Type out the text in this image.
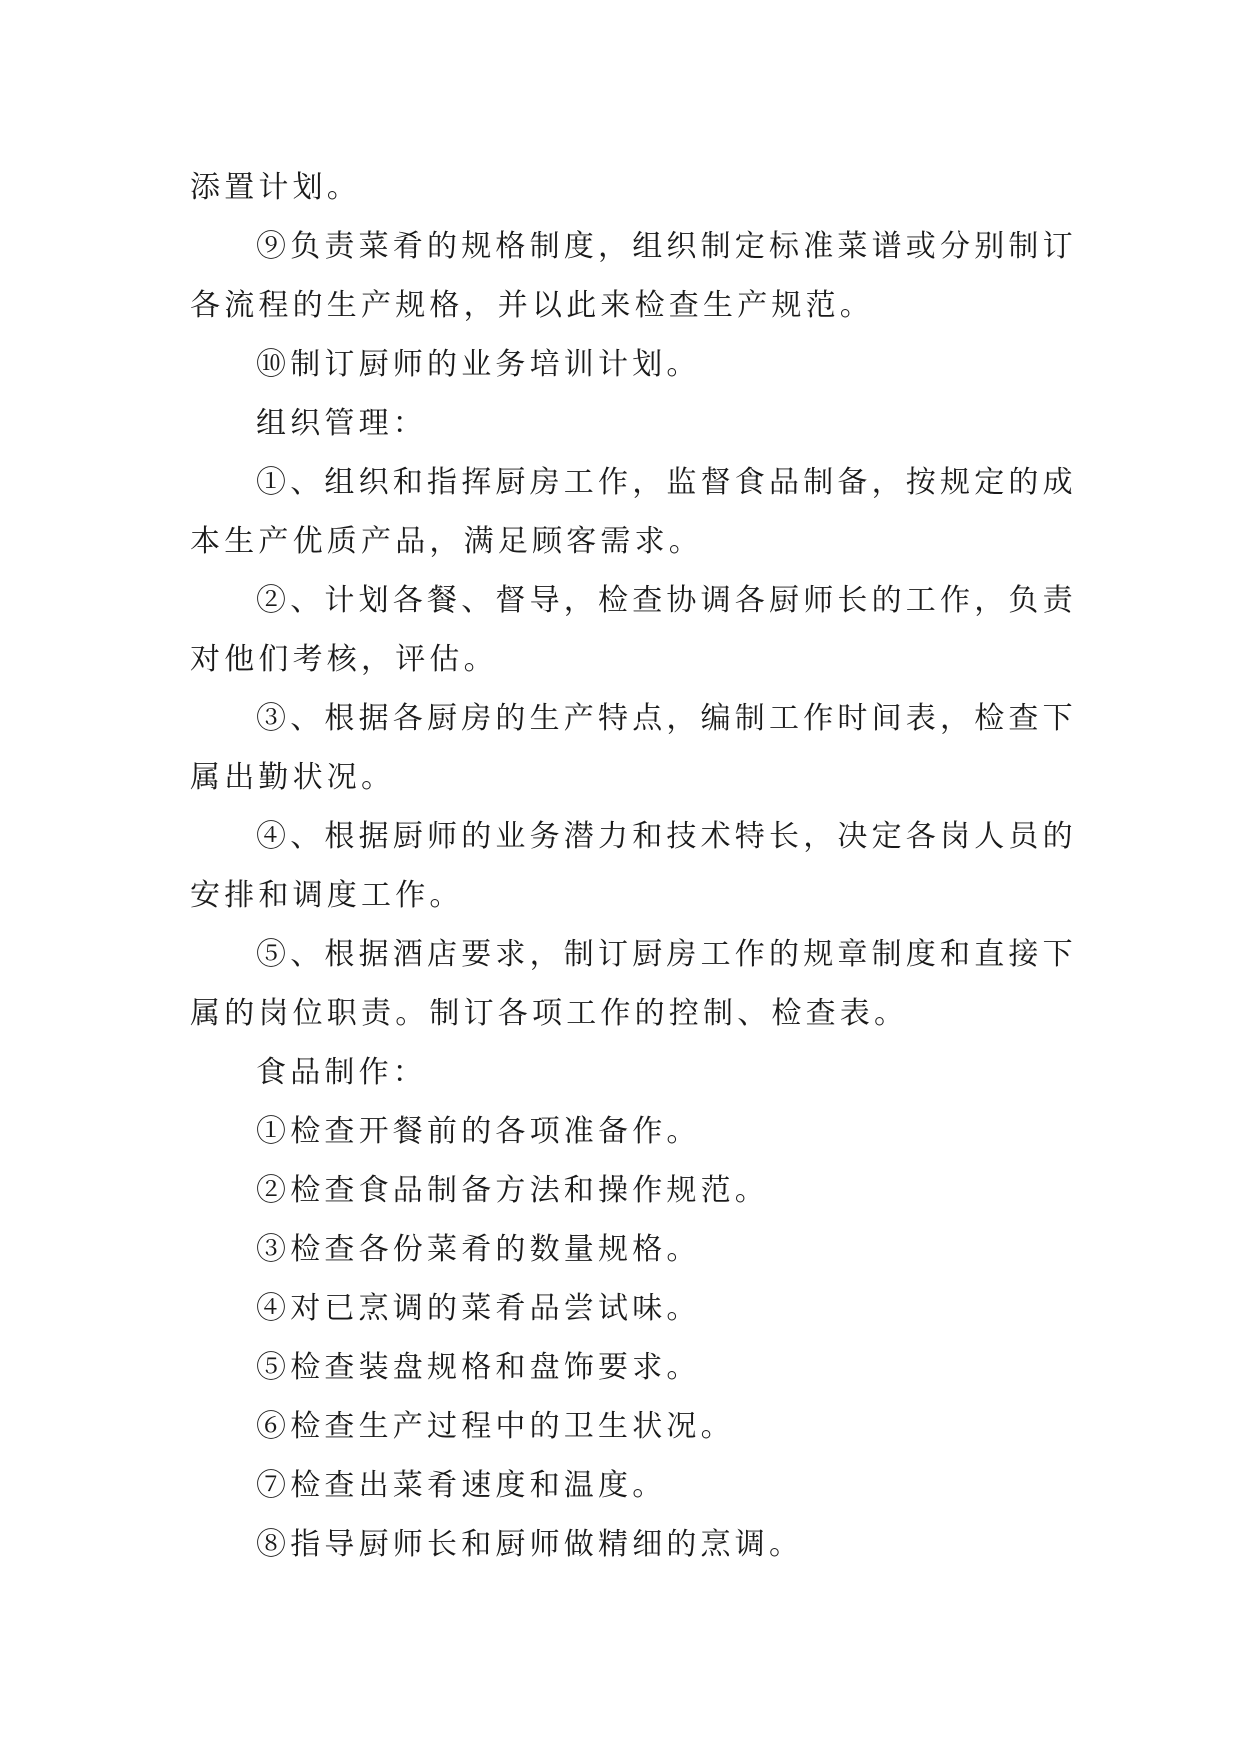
添置计划。
⑨负责菜肴的规格制度，组织制定标准菜谱或分别制订
各流程的生产规格，并以此来检查生产规范。
⑩制订厨师的业务培训计划。
组织管理：
①、组织和指挥厨房工作，监督食品制备，按规定的成
本生产优质产品，满足顾客需求。
②、计划各餐、督导，检查协调各厨师长的工作，负责
对他们考核，评估。
③、根据各厨房的生产特点，编制工作时间表，检查下
属出勤状况。
④、根据厨师的业务潜力和技术特长，决定各岗人员的
安排和调度工作。
⑤、根据酒店要求，制订厨房工作的规章制度和直接下
属的岗位职责。制订各项工作的控制、检查表。
食品制作：
①检查开餐前的各项准备作。
②检查食品制备方法和操作规范。
③检查各份菜肴的数量规格。
④对已烹调的菜肴品尝试味。
⑤检查装盘规格和盘饰要求。
⑥检查生产过程中的卫生状况。
⑦检查出菜肴速度和温度。
⑧指导厨师长和厨师做精细的烹调。
